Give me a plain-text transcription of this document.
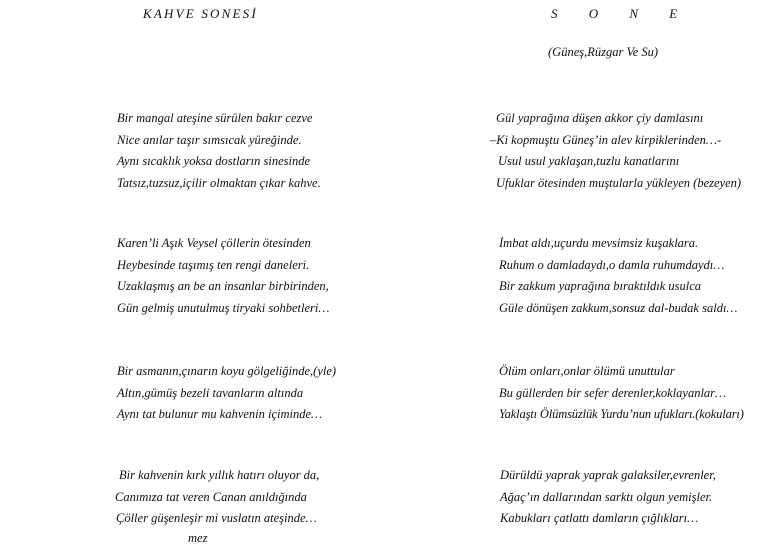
KAHVE SONESİ
Bir mangal ateşine sürülen bakır cezve
Nice anılar taşır sımsıcak yüreğinde.
Aynı sıcaklık yoksa dostların sinesinde
Tatsız,tuzsuz,içilir olmaktan çıkar kahve.
Karen’li Aşık Veysel çöllerin ötesinden
Heybesinde taşımış ten rengi daneleri.
Uzaklaşmış an be an insanlar birbirinden,
Gün gelmiş unutulmuş tiryaki sohbetleri…
Bir asmanın,çınarın koyu gölgeliğinde,(yle)
Altın,gümüş bezeli tavanların altında
Aynı tat bulunur mu kahvenin içiminde…
Bir kahvenin kırk yıllık hatırı oluyor da,
Canımıza tat veren Canan anıldığında
Çöller güşenleşir mi vuslatın ateşinde…
mez
S O N E
(Güneş,Rüzgar Ve Su)
Gül yaprağına düşen akkor çiy damlasını
–Ki kopmuştu Güneş’in alev kirpiklerinden…-
Usul usul yaklaşan,tuzlu kanatlarını
Ufuklar ötesinden muştularla yükleyen (bezeyen)
İmbat aldı,uçurdu mevsimsiz kuşaklara.
Ruhum o damladaydı,o damla ruhumdaydı…
Bir zakkum yaprağına bıraktıldık usulca
Güle dönüşen zakkum,sonsuz dal-budak saldı…
Ölüm onları,onlar ölümü unuttular
Bu güllerden bir sefer derenler,koklayanlar…
Yaklaştı Ölümsüzlük Yurdu’nun ufukları.(kokuları)
Dürüldü yaprak yaprak galaksiler,evrenler,
Ağaç’ın dallarından sarktı olgun yemişler.
Kabukları çatlattı damların çığlıkları…
